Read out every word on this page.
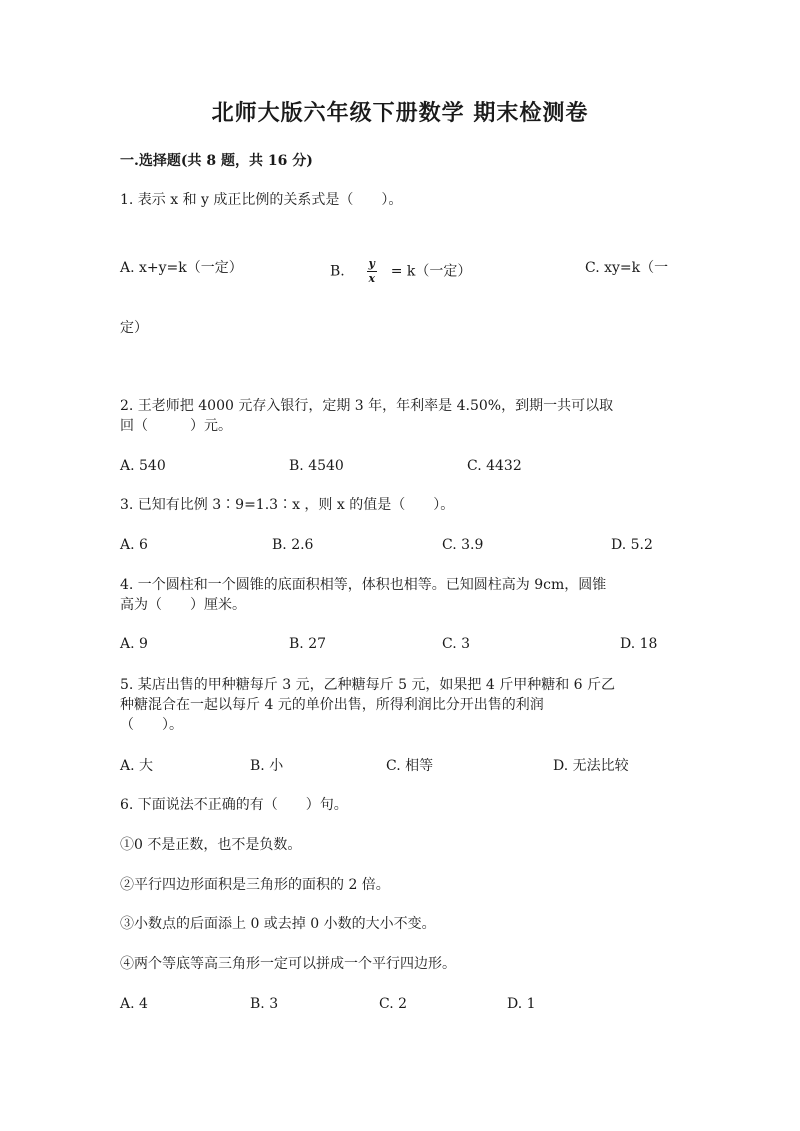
北师大版六年级下册数学 期末检测卷
一.选择题(共 8 题，共 16 分)
1. 表示 x 和 y 成正比例的关系式是（　　）。
A. x+y=k（一定）	B. $\frac{y}{x} = k$（一定）	C. xy=k（一
定）
2. 王老师把 4000 元存入银行，定期 3 年，年利率是 4.50%，到期一共可以取
回（　　　）元。
A. 540	B. 4540	C. 4432
3. 已知有比例 3∶9=1.3∶x ，则 x 的值是（　　）。
A. 6	B. 2.6	C. 3.9	D. 5.2
4. 一个圆柱和一个圆锥的底面积相等，体积也相等。已知圆柱高为 9cm，圆锥
高为（　　）厘米。
A. 9	B. 27	C. 3	D. 18
5. 某店出售的甲种糖每斤 3 元，乙种糖每斤 5 元，如果把 4 斤甲种糖和 6 斤乙
种糖混合在一起以每斤 4 元的单价出售，所得利润比分开出售的利润
（　　）。
A. 大	B. 小	C. 相等	D. 无法比较
6. 下面说法不正确的有（　　）句。
①0 不是正数，也不是负数。
②平行四边形面积是三角形的面积的 2 倍。
③小数点的后面添上 0 或去掉 0 小数的大小不变。
④两个等底等高三角形一定可以拼成一个平行四边形。
A. 4	B. 3	C. 2	D. 1
